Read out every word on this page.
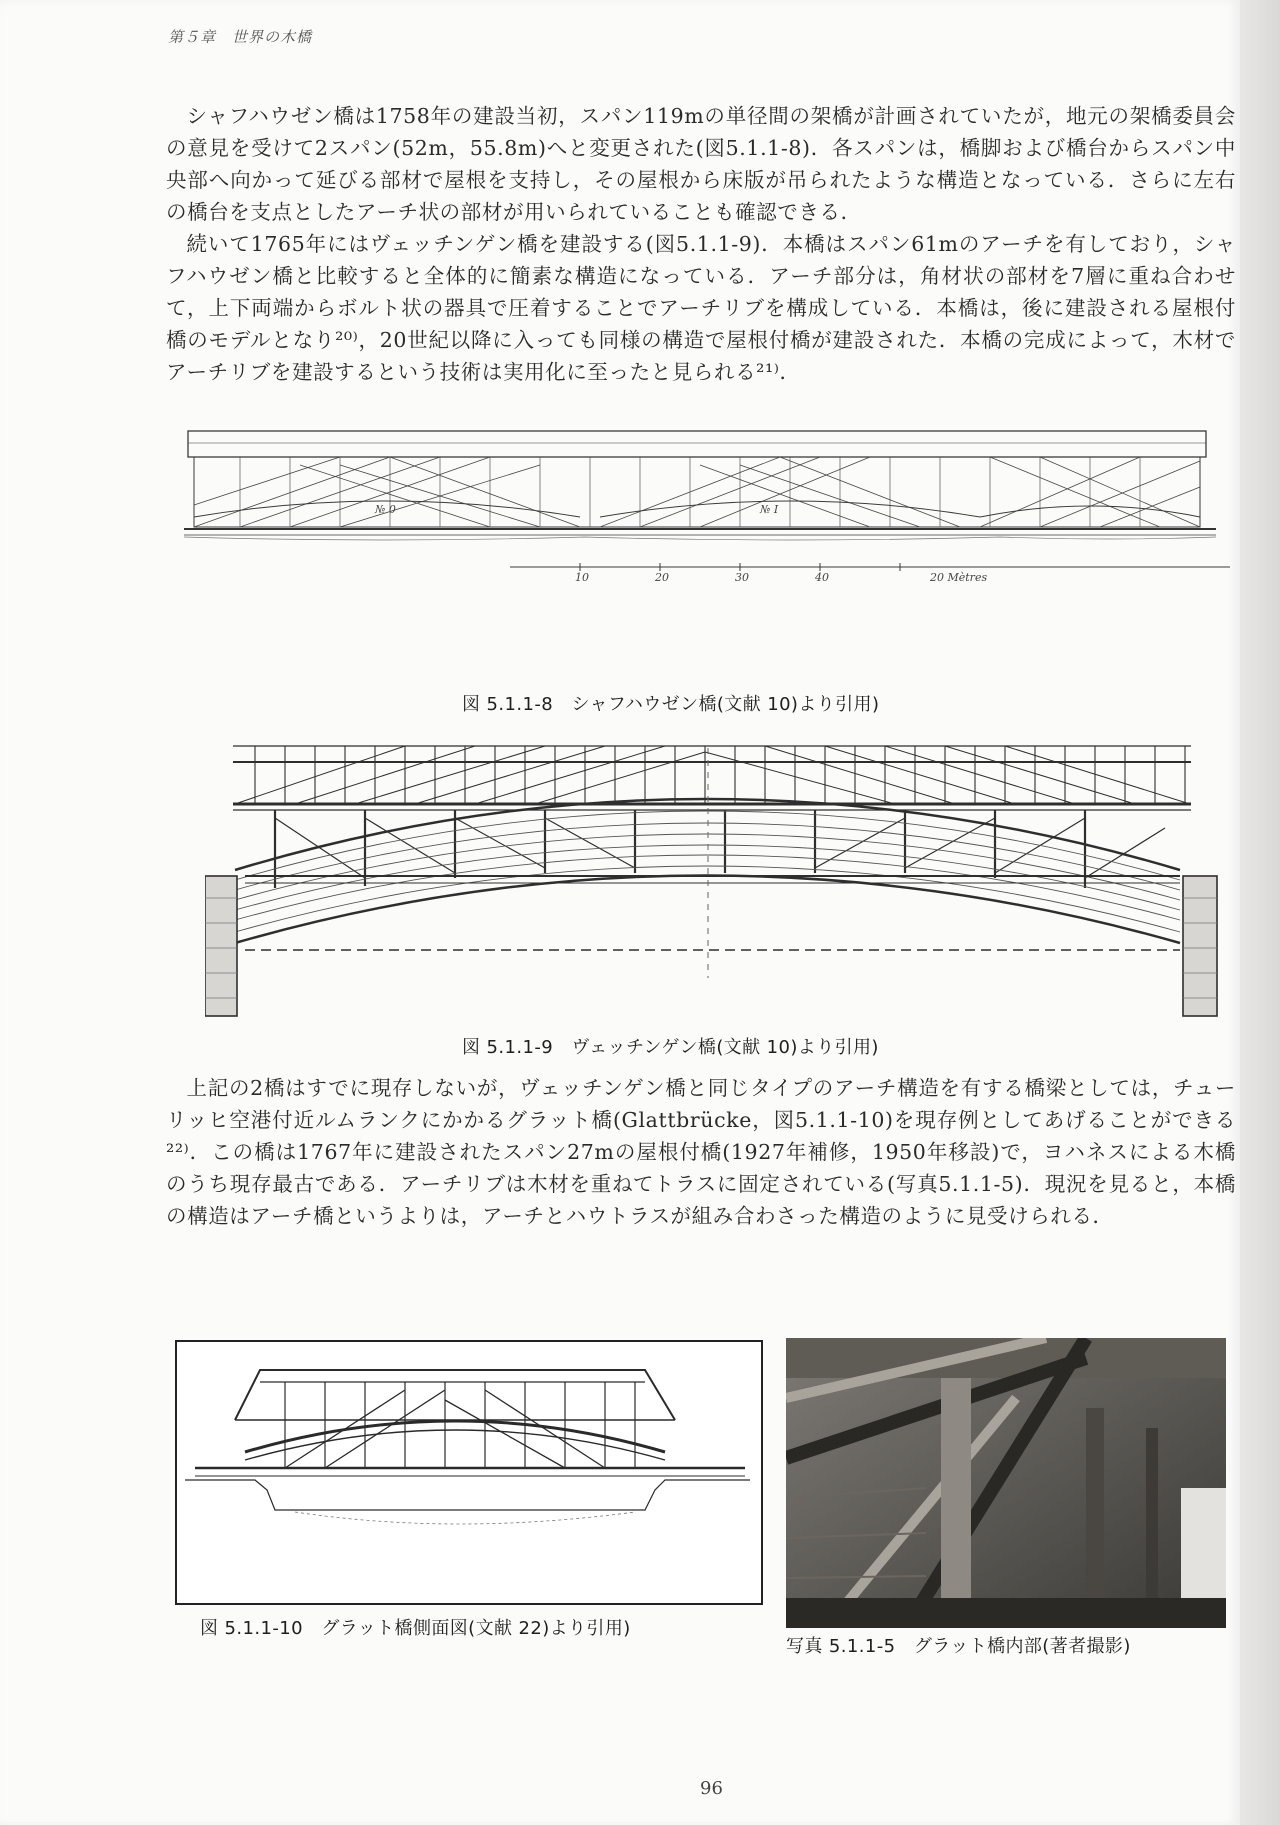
第５章 世界の木橋

シャフハウゼン橋は1758年の建設当初，スパン119mの単径間の架橋が計画されていたが，地元の架橋委員会の意見を受けて2スパン(52m，55.8m)へと変更された(図5.1.1-8)．各スパンは，橋脚および橋台からスパン中央部へ向かって延びる部材で屋根を支持し，その屋根から床版が吊られたような構造となっている．さらに左右の橋台を支点としたアーチ状の部材が用いられていることも確認できる．

続いて1765年にはヴェッチンゲン橋を建設する(図5.1.1-9)．本橋はスパン61mのアーチを有しており，シャフハウゼン橋と比較すると全体的に簡素な構造になっている．アーチ部分は，角材状の部材を7層に重ね合わせて，上下両端からボルト状の器具で圧着することでアーチリブを構成している．本橋は，後に建設される屋根付橋のモデルとなり²⁰⁾，20世紀以降に入っても同様の構造で屋根付橋が建設された．本橋の完成によって，木材でアーチリブを建設するという技術は実用化に至ったと見られる²¹⁾．

№ 0	№ I
10	20	30	40	20 Mètres
図 5.1.1-8　シャフハウゼン橋(文献 10)より引用)
図 5.1.1-9　ヴェッチンゲン橋(文献 10)より引用)

上記の2橋はすでに現存しないが，ヴェッチンゲン橋と同じタイプのアーチ構造を有する橋梁としては，チューリッヒ空港付近ルムランクにかかるグラット橋(Glattbrücke，図5.1.1-10)を現存例としてあげることができる²²⁾．この橋は1767年に建設されたスパン27mの屋根付橋(1927年補修，1950年移設)で，ヨハネスによる木橋のうち現存最古である．アーチリブは木材を重ねてトラスに固定されている(写真5.1.1-5)．現況を見ると，本橋の構造はアーチ橋というよりは，アーチとハウトラスが組み合わさった構造のように見受けられる．

図 5.1.1-10　グラット橋側面図(文献 22)より引用)
写真 5.1.1-5　グラット橋内部(著者撮影)
96
